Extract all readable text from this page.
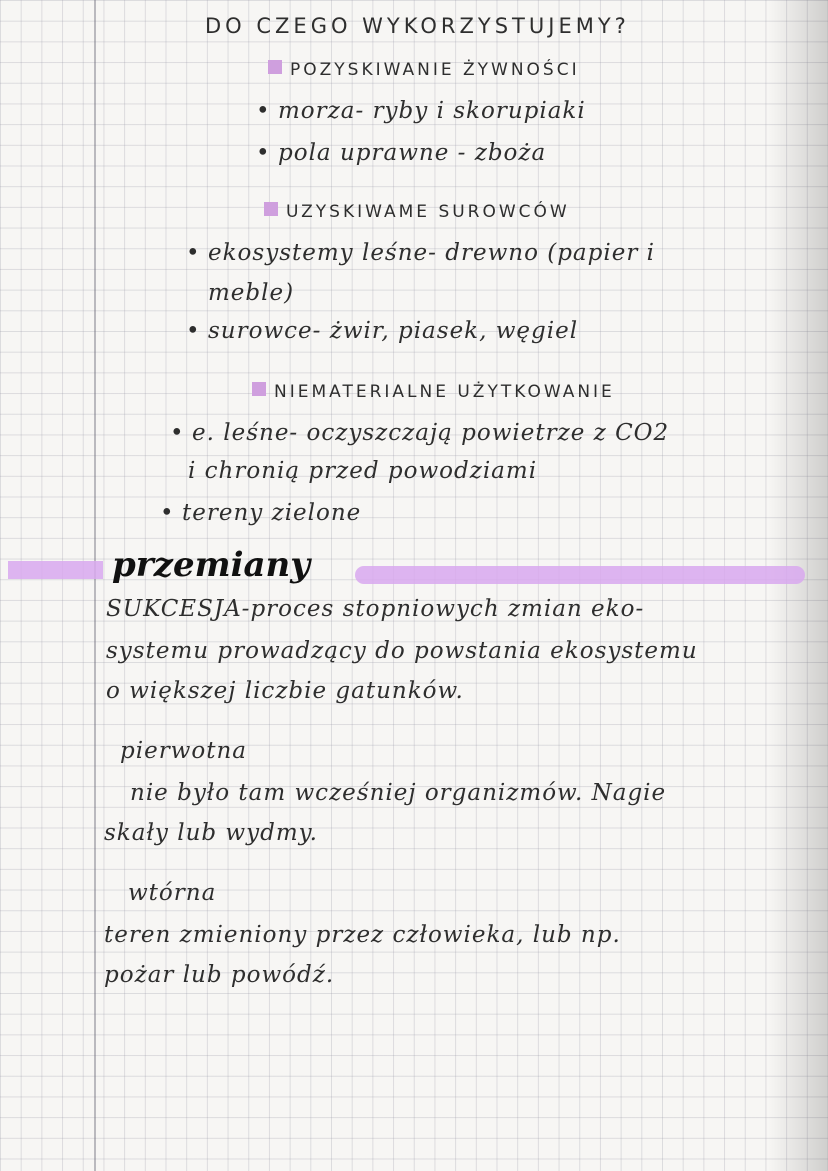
DO CZEGO WYKORZYSTUJEMY?
POZYSKIWANIE ŻYWNOŚCI
• morza- ryby i skorupiaki
• pola uprawne - zboża
UZYSKIWAME SUROWCÓW
• ekosystemy leśne- drewno (papier i
meble)
• surowce- żwir, piasek, węgiel
NIEMATERIALNE UŻYTKOWANIE
• e. leśne- oczyszczają powietrze z CO2
i chronią przed powodziami
• tereny zielone
przemiany
SUKCESJA-proces stopniowych zmian eko-
systemu prowadzący do powstania ekosystemu
o większej liczbie gatunków.
pierwotna
nie było tam wcześniej organizmów. Nagie
skały lub wydmy.
wtórna
teren zmieniony przez człowieka, lub np.
pożar lub powódź.
